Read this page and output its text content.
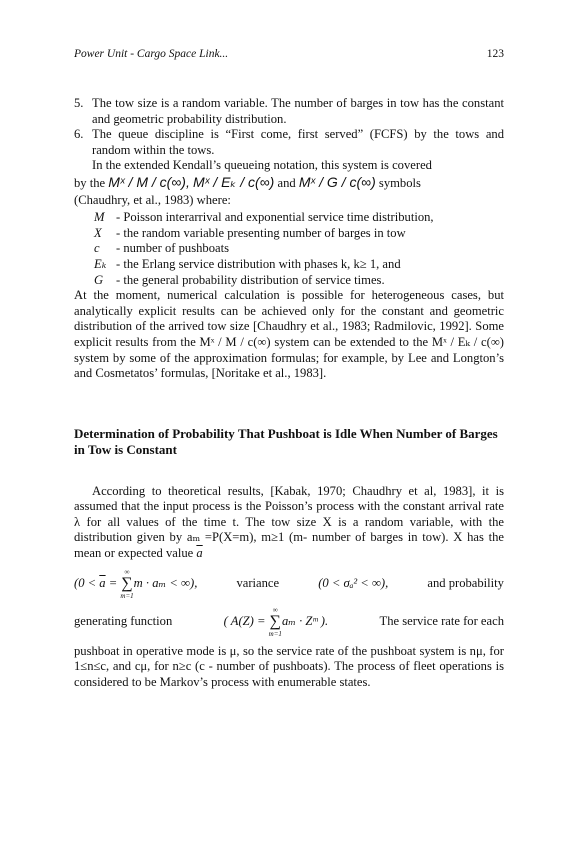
Power Unit - Cargo Space Link...	123
5. The tow size is a random variable. The number of barges in tow has the constant and geometric probability distribution.
6. The queue discipline is “First come, first served” (FCFS) by the tows and random within the tows.

In the extended Kendall’s queueing notation, this system is covered

by the Mˣ / M / c(∞), Mˣ / Eₖ / c(∞) and Mˣ / G / c(∞) symbols

(Chaudhry, et al., 1983) where:

M - Poisson interarrival and exponential service time distribution,
X	- the random variable presenting number of barges in tow
c	- number of pushboats
Eₖ - the Erlang service distribution with phases k, k≥ 1, and
G	- the general probability distribution of service times.

At the moment, numerical calculation is possible for heterogeneous cases, but analytically explicit results can be achieved only for the constant and geometric distribution of the arrived tow size [Chaudhry et al., 1983; Radmilovic, 1992]. Some explicit results from the Mˣ / M / c(∞) system can be extended to the Mˣ / Eₖ / c(∞) system by some of the approximation formulas; for example, by Lee and Longton’s and Cosmetatos’ formulas, [Noritake et al., 1983].

Determination of Probability That Pushboat is Idle When Number of Barges in Tow is Constant

According to theoretical results, [Kabak, 1970; Chaudhry et al, 1983], it is assumed that the input process is the Poisson’s process with the constant arrival rate λ for all values of the time t. The tow size X is a random variable, with the distribution given by aₘ =P(X=m), m≥1 (m- number of barges in tow). X has the mean or expected value $\overline{a}$

($0 < \overline{a}$ =
∞
∑
m=1
m · aₘ < ∞),	variance	(0 < σₐ² < ∞),	and probability
generating function	( A(Z) =
∞
∑
m=1
aₘ · Zᵐ ).	The service rate for each

pushboat in operative mode is μ, so the service rate of the pushboat system is nμ, for 1≤n≤c, and cμ, for n≥c (c - number of pushboats). The process of fleet operations is considered to be Markov’s process with enumerable states.
